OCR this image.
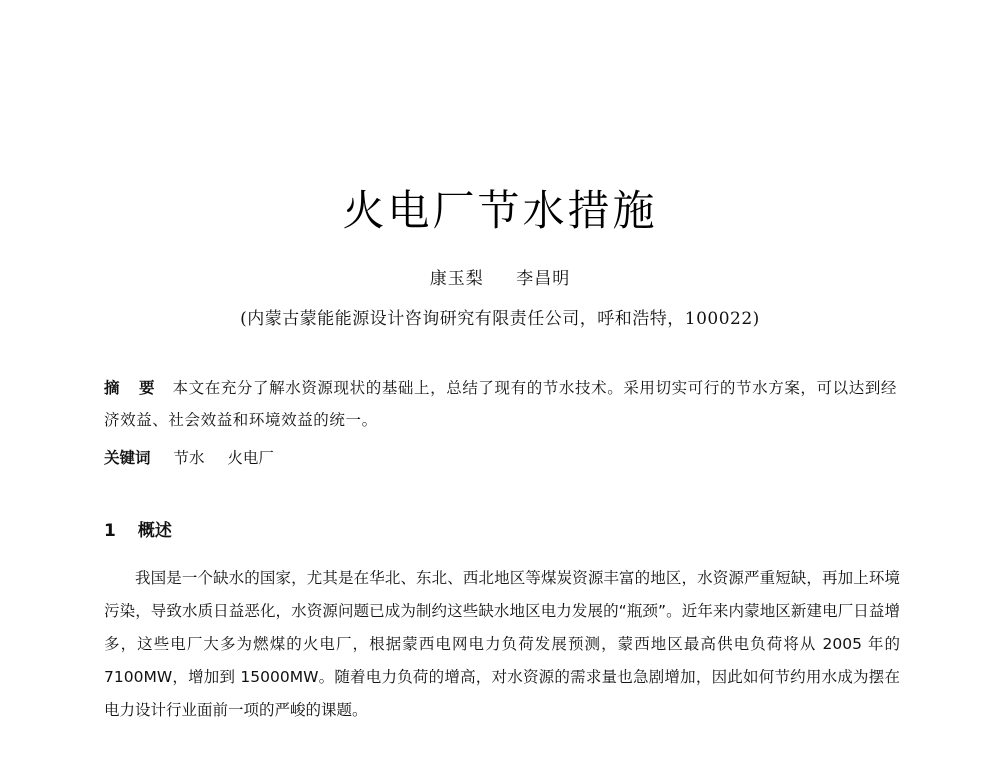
火电厂节水措施
康玉梨 李昌明
(内蒙古蒙能能源设计咨询研究有限责任公司，呼和浩特，100022)
摘　要 本文在充分了解水资源现状的基础上，总结了现有的节水技术。采用切实可行的节水方案，可以达到经济效益、社会效益和环境效益的统一。
关键词 节水 火电厂
1 概述

我国是一个缺水的国家，尤其是在华北、东北、西北地区等煤炭资源丰富的地区，水资源严重短缺，再加上环境污染，导致水质日益恶化，水资源问题已成为制约这些缺水地区电力发展的“瓶颈”。近年来内蒙地区新建电厂日益增多，这些电厂大多为燃煤的火电厂，根据蒙西电网电力负荷发展预测，蒙西地区最高供电负荷将从 2005 年的 7100MW，增加到 15000MW。随着电力负荷的增高，对水资源的需求量也急剧增加，因此如何节约用水成为摆在电力设计行业面前一项的严峻的课题。
